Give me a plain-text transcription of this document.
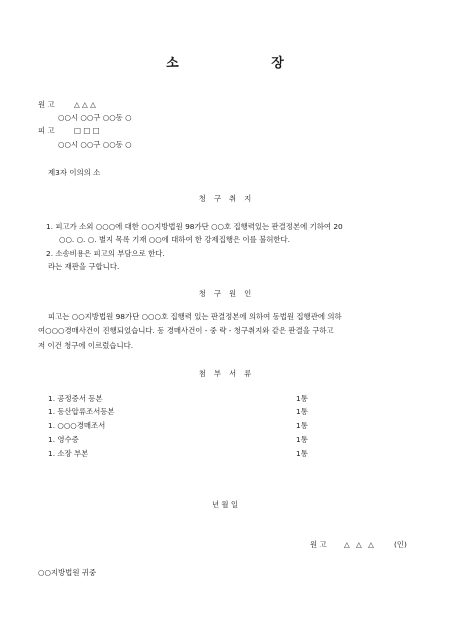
소 장
원 고	△ △ △
○○시 ○○구 ○○동 ○
피 고	□ □ □
○○시 ○○구 ○○동 ○
제3자 이의의 소
청구취지
1. 피고가 소외 ○○○에 대한 ○○지방법원 98가단 ○○호 집행력있는 판결정본에 기하여 20
○○. ○. ○. 별지 목록 기재 ○○에 대하여 한 강제집행은 이를 불허한다.
2. 소송비용은 피고의 부담으로 한다.
라는 재판을 구합니다.
청구원인
피고는 ○○지방법원 98가단 ○○○호 집행력 있는 판결정본에 의하여 동법원 집행관에 의하
여○○○경매사건이 진행되었습니다. 동 경매사건이 - 중 략 - 청구취지와 같은 판결을 구하고
저 이건 청구에 이르렀습니다.
첨부서류
1. 공정증서 등본	1통
1. 동산압류조서등본	1통
1. ○○○경매조서	1통
1. 영수증	1통
1. 소장 부본	1통
년 월 일
원 고 △ △ △ (인)
○○지방법원 귀중
